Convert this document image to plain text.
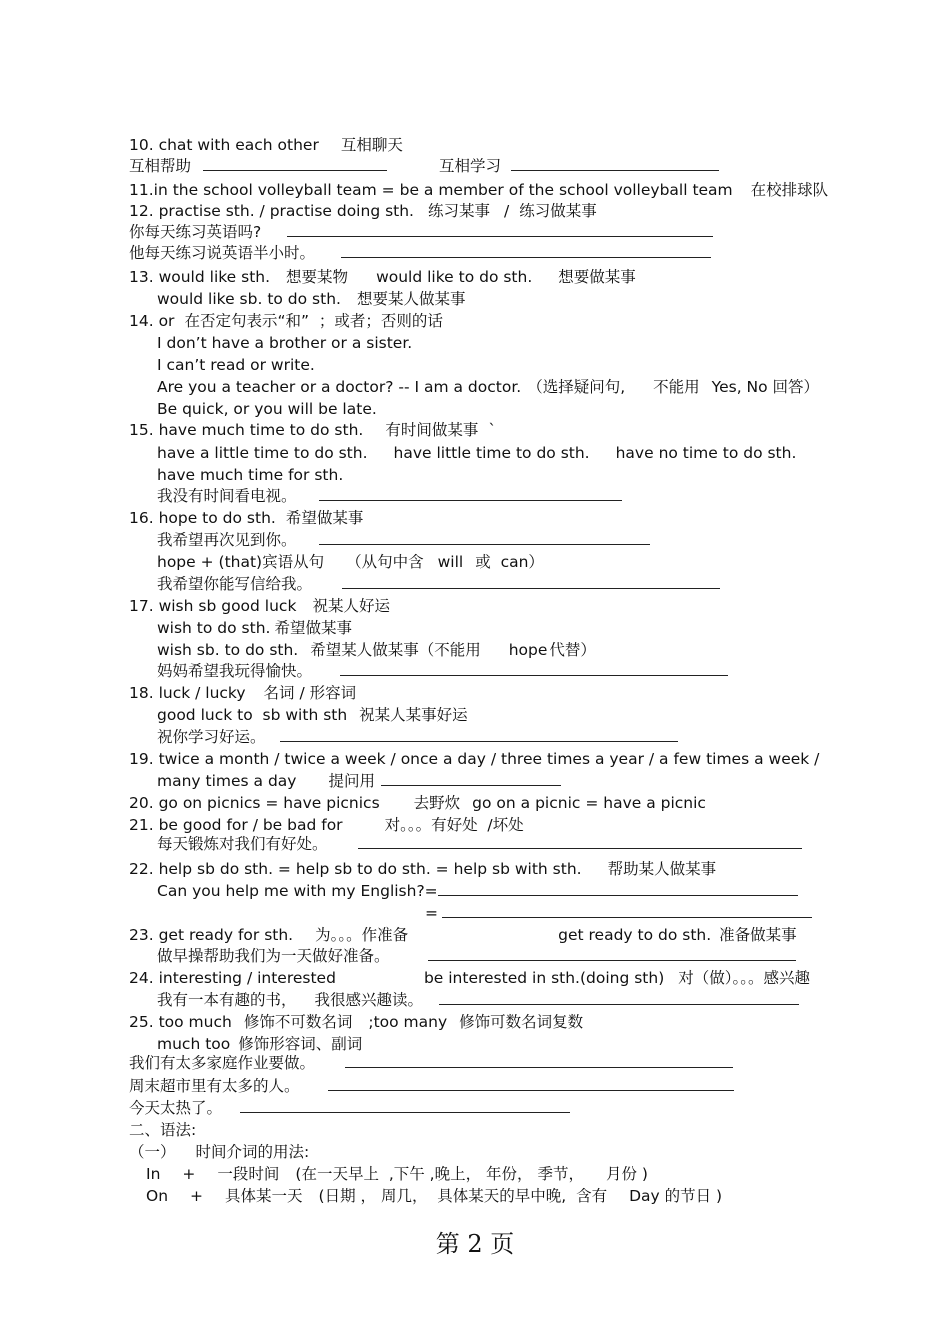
10. chat with each other 互相聊天
互相帮助	互相学习
11.in the school volleyball team = be a member of the school volleyball team 在校排球队
12. practise sth. / practise doing sth. 练习某事 / 练习做某事
你每天练习英语吗?
他每天练习说英语半小时。
13. would like sth. 想要某物 would like to do sth. 想要做某事
would like sb. to do sth. 想要某人做某事
14. or 在否定句表示“和”  ；或者；否则的话
I don’t have a brother or a sister.
I can’t read or write.
Are you a teacher or a doctor? -- I am a doctor. （选择疑问句, 不能用 Yes, No 回答）
Be quick, or you will be late.
15. have much time to do sth. 有时间做某事 `
have a little time to do sth. have little time to do sth. have no time to do sth.
have much time for sth.
我没有时间看电视。
16. hope to do sth. 希望做某事
我希望再次见到你。
hope + (that)宾语从句 （从句中含 will 或  can）
我希望你能写信给我。
17. wish sb good luck 祝某人好运
wish to do sth. 希望做某事
wish sb. to do sth. 希望某人做某事（不能用 hope 代替）
妈妈希望我玩得愉快。
18. luck / lucky 名词 / 形容词
good luck to  sb with sth 祝某人某事好运
祝你学习好运。
19. twice a month / twice a week / once a day / three times a year / a few times a week /
many times a day 提问用
20. go on picnics = have picnics 去野炊 go on a picnic = have a picnic
21. be good for / be bad for	对。。。有好处  /坏处
每天锻炼对我们有好处。
22. help sb do sth. = help sb to do sth. = help sb with sth. 帮助某人做某事
Can you help me with my English?=
=
23. get ready for sth. 为。。。作准备	get ready to do sth. 准备做某事
做早操帮助我们为一天做好准备。
24. interesting / interested	be interested in sth.(doing sth) 对（做）。。。感兴趣
我有一本有趣的书， 我很感兴趣读。
25. too much 修饰不可数名词 ;too many 修饰可数名词复数
much too 修饰形容词、副词
我们有太多家庭作业要做。
周末超市里有太多的人。
今天太热了。
二、语法:
（一） 时间介词的用法:
In + 一段时间 (在一天早上  ,下午 ,晚上， 年份， 季节， 月份 )
On + 具体某一天 (日期 ， 周几，  具体某天的早中晚,  含有 Day 的节日 )
第 2 页
